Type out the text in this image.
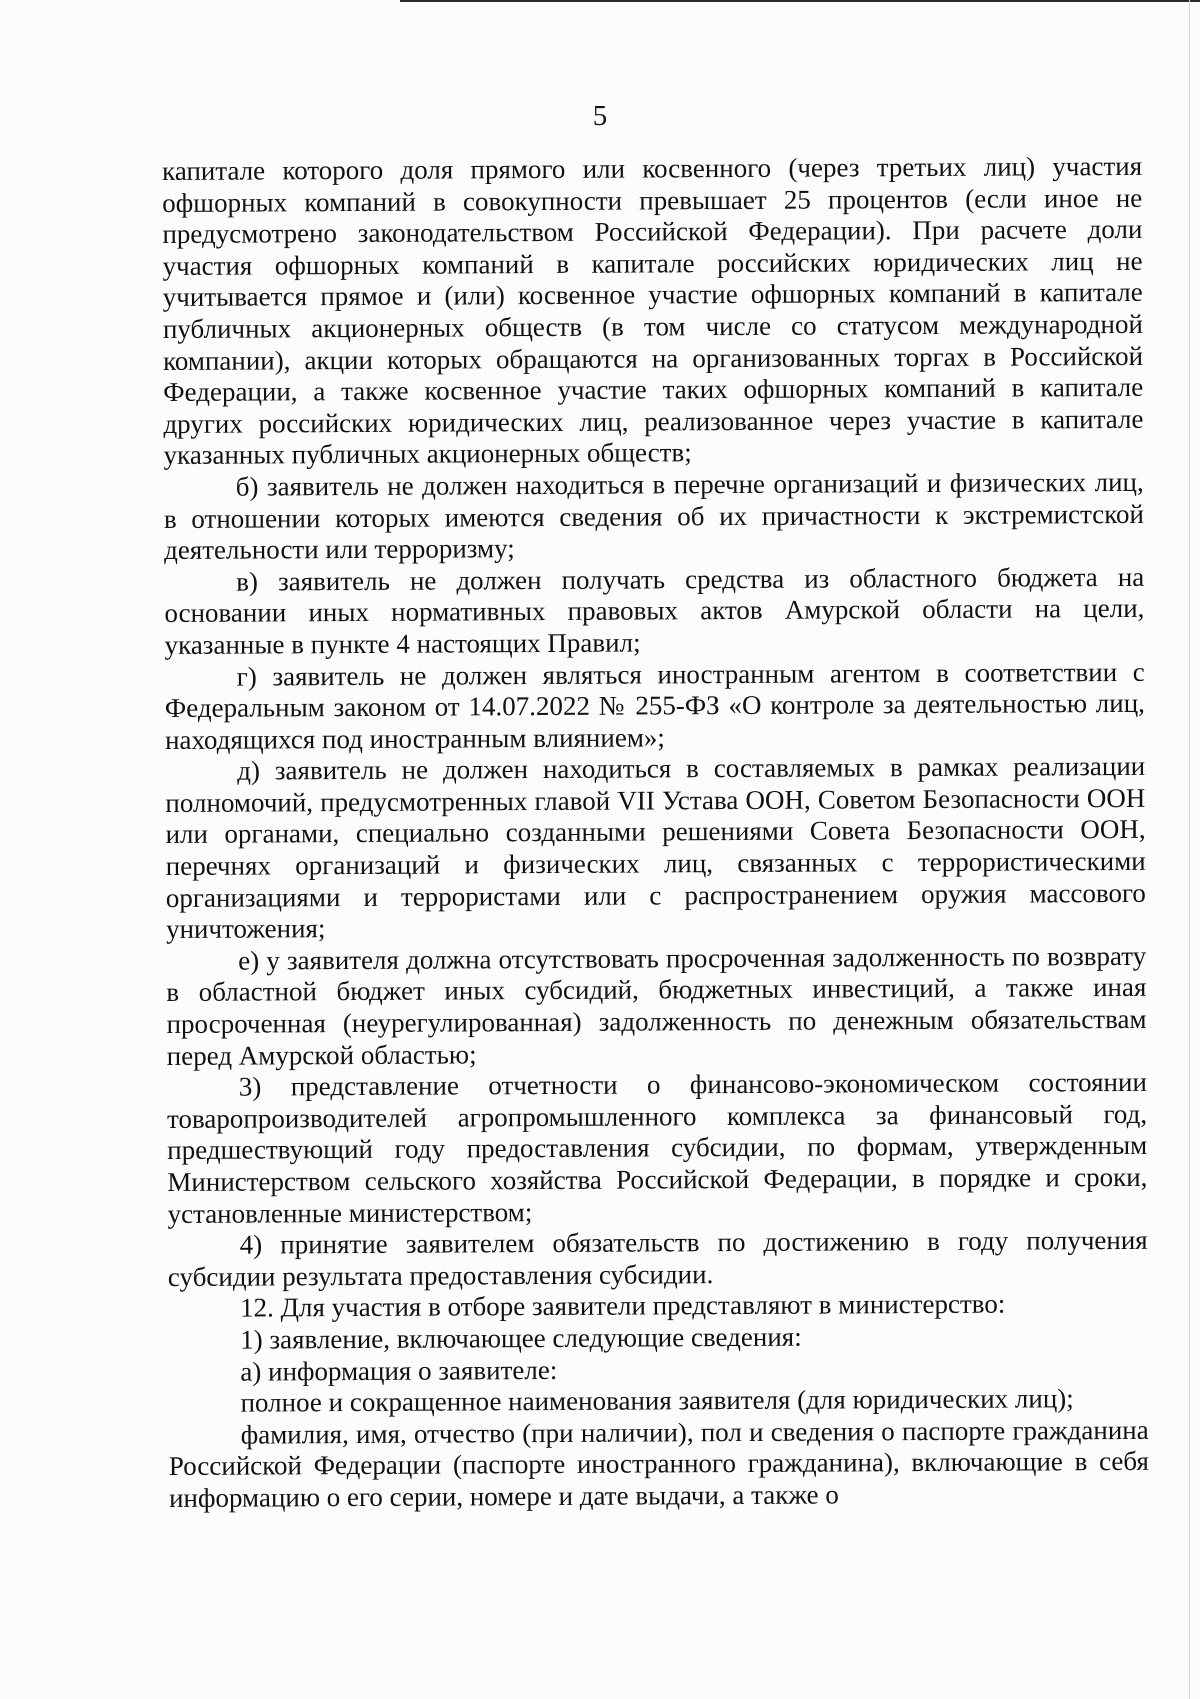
5

капитале которого доля прямого или косвенного (через третьих лиц) участия офшорных компаний в совокупности превышает 25 процентов (если иное не предусмотрено законодательством Российской Федерации). При расчете доли участия офшорных компаний в капитале российских юридических лиц не учитывается прямое и (или) косвенное участие офшорных компаний в капитале публичных акционерных обществ (в том числе со статусом международной компании), акции которых обращаются на организованных торгах в Российской Федерации, а также косвенное участие таких офшорных компаний в капитале других российских юридических лиц, реализованное через участие в капитале указанных публичных акционерных обществ;

б) заявитель не должен находиться в перечне организаций и физических лиц, в отношении которых имеются сведения об их причастности к экстремистской деятельности или терроризму;

в) заявитель не должен получать средства из областного бюджета на основании иных нормативных правовых актов Амурской области на цели, указанные в пункте 4 настоящих Правил;

г) заявитель не должен являться иностранным агентом в соответствии с Федеральным законом от 14.07.2022 № 255-ФЗ «О контроле за деятельностью лиц, находящихся под иностранным влиянием»;

д) заявитель не должен находиться в составляемых в рамках реализации полномочий, предусмотренных главой VII Устава ООН, Советом Безопасности ООН или органами, специально созданными решениями Совета Безопасности ООН, перечнях организаций и физических лиц, связанных с террористическими организациями и террористами или с распространением оружия массового уничтожения;

е) у заявителя должна отсутствовать просроченная задолженность по возврату в областной бюджет иных субсидий, бюджетных инвестиций, а также иная просроченная (неурегулированная) задолженность по денежным обязательствам перед Амурской областью;

3) представление отчетности о финансово-экономическом состоянии товаропроизводителей агропромышленного комплекса за финансовый год, предшествующий году предоставления субсидии, по формам, утвержденным Министерством сельского хозяйства Российской Федерации, в порядке и сроки, установленные министерством;

4) принятие заявителем обязательств по достижению в году получения субсидии результата предоставления субсидии.

12. Для участия в отборе заявители представляют в министерство:

1) заявление, включающее следующие сведения:

а) информация о заявителе:

полное и сокращенное наименования заявителя (для юридических лиц);

фамилия, имя, отчество (при наличии), пол и сведения о паспорте гражданина Российской Федерации (паспорте иностранного гражданина), включающие в себя информацию о его серии, номере и дате выдачи, а также о
